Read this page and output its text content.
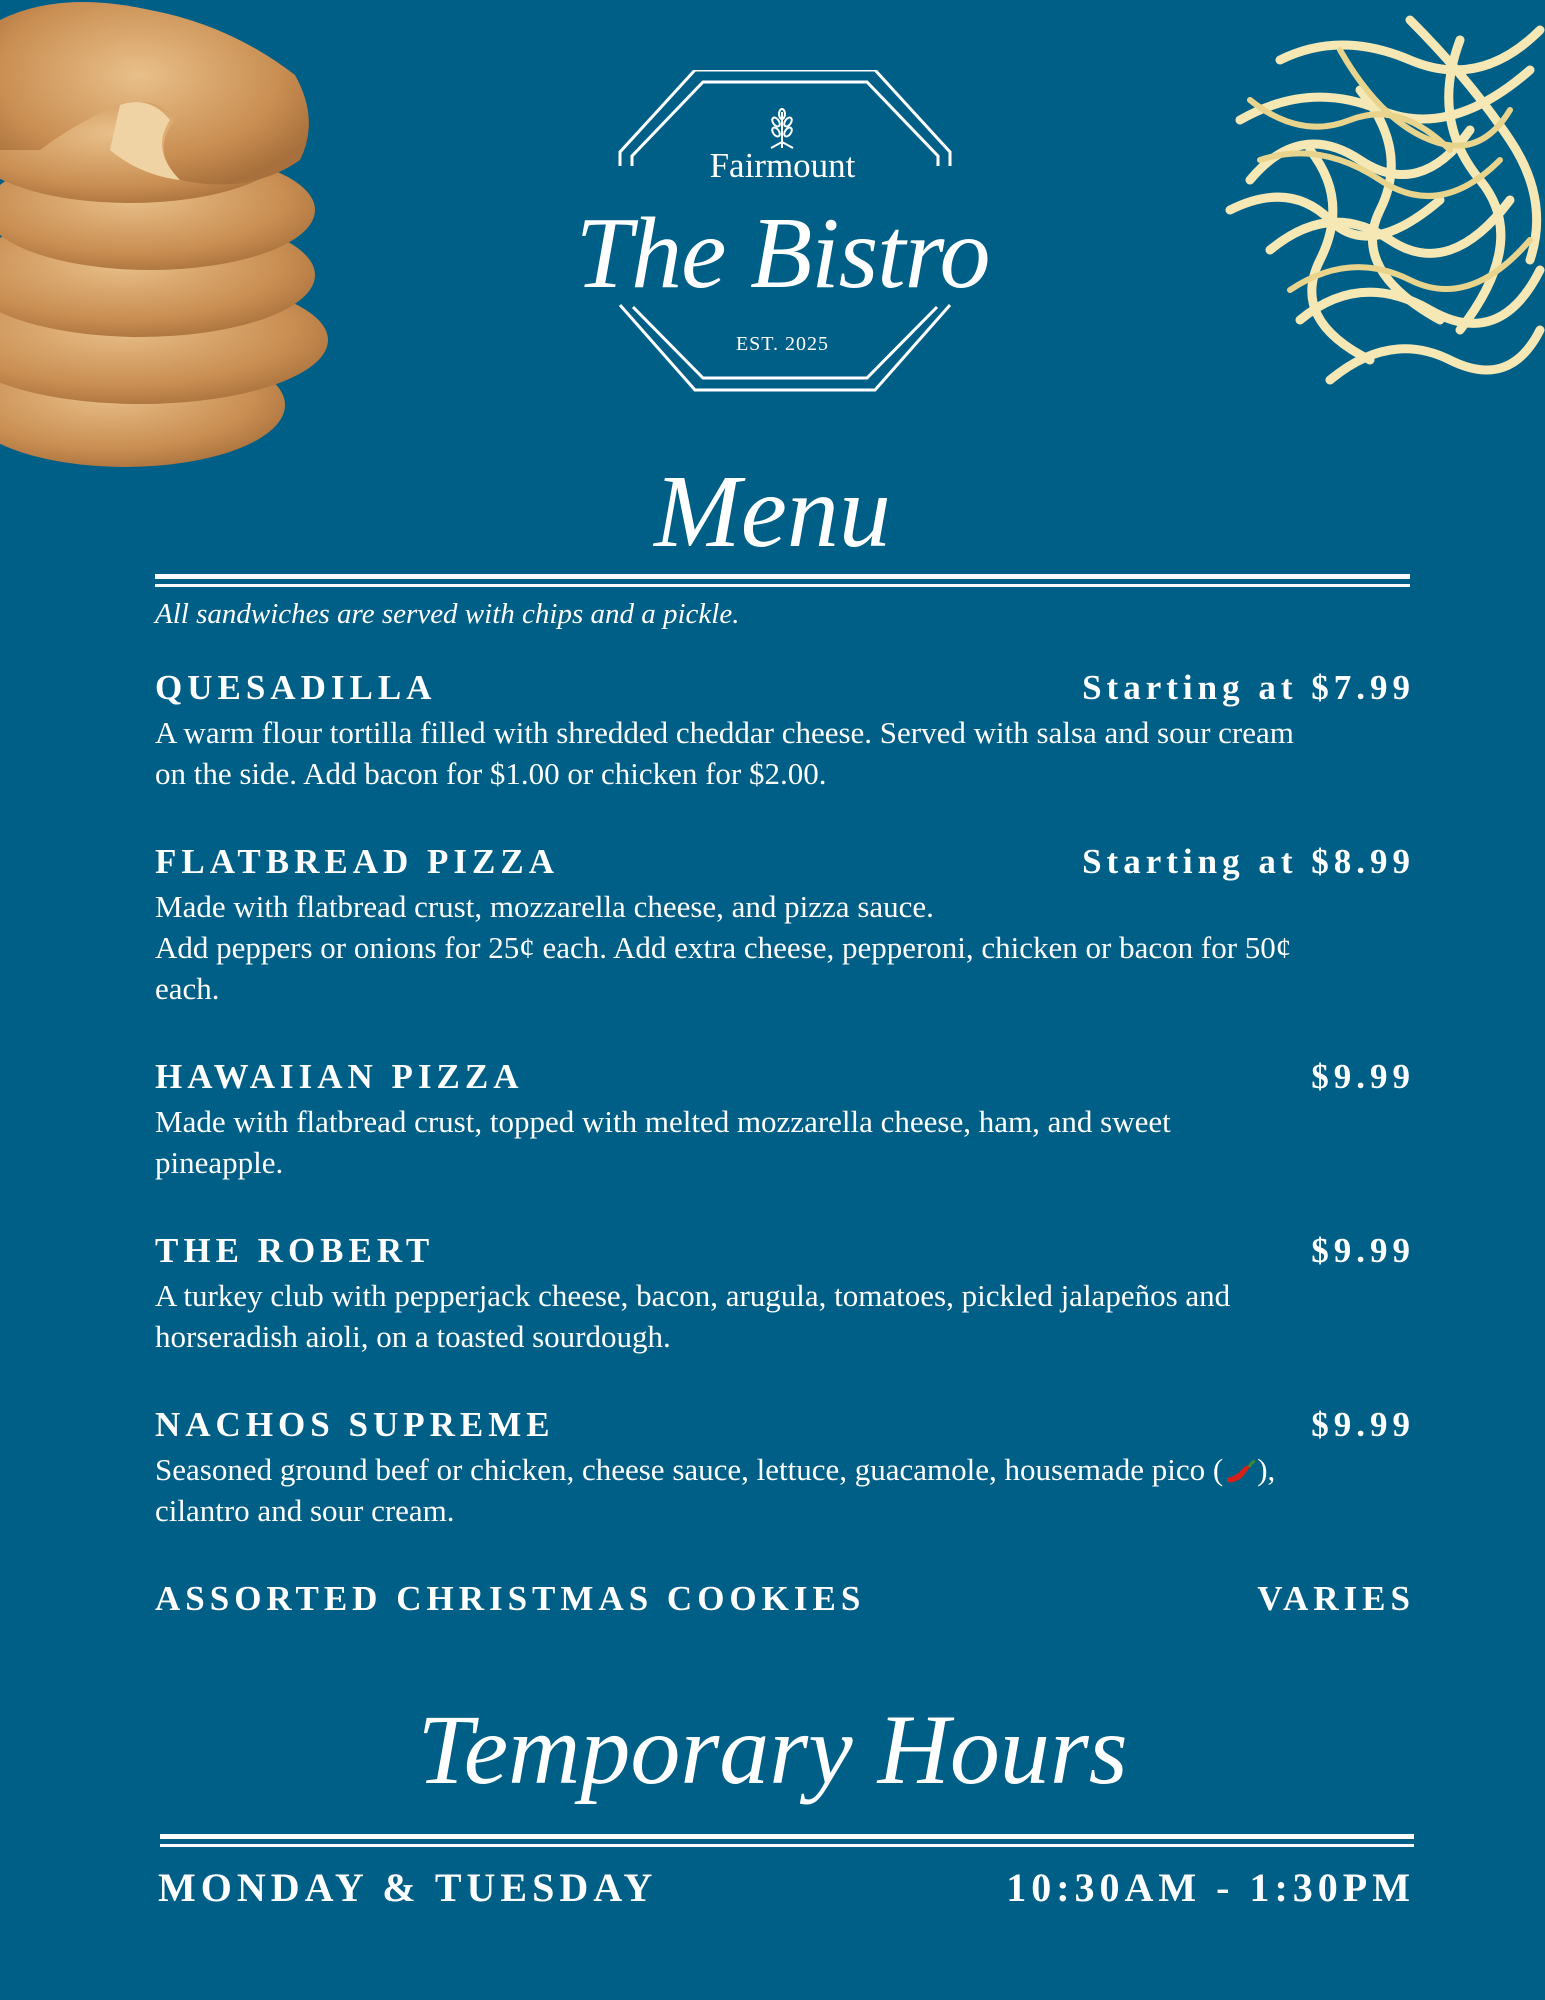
Fairmount
The Bistro
EST. 2025
Menu
All sandwiches are served with chips and a pickle.
QUESADILLA	Starting at $7.99
A warm flour tortilla filled with shredded cheddar cheese. Served with salsa and sour cream on the side. Add bacon for $1.00 or chicken for $2.00.
FLATBREAD PIZZA	Starting at $8.99
Made with flatbread crust, mozzarella cheese, and pizza sauce.
Add peppers or onions for 25¢ each. Add extra cheese, pepperoni, chicken or bacon for 50¢ each.
HAWAIIAN PIZZA	$9.99
Made with flatbread crust, topped with melted mozzarella cheese, ham, and sweet pineapple.
THE ROBERT	$9.99
A turkey club with pepperjack cheese, bacon, arugula, tomatoes, pickled jalapeños and horseradish aioli, on a toasted sourdough.
NACHOS SUPREME	$9.99
Seasoned ground beef or chicken, cheese sauce, lettuce, guacamole, housemade pico ( ), cilantro and sour cream.
ASSORTED CHRISTMAS COOKIES	VARIES
Temporary Hours
MONDAY & TUESDAY	10:30AM - 1:30PM
